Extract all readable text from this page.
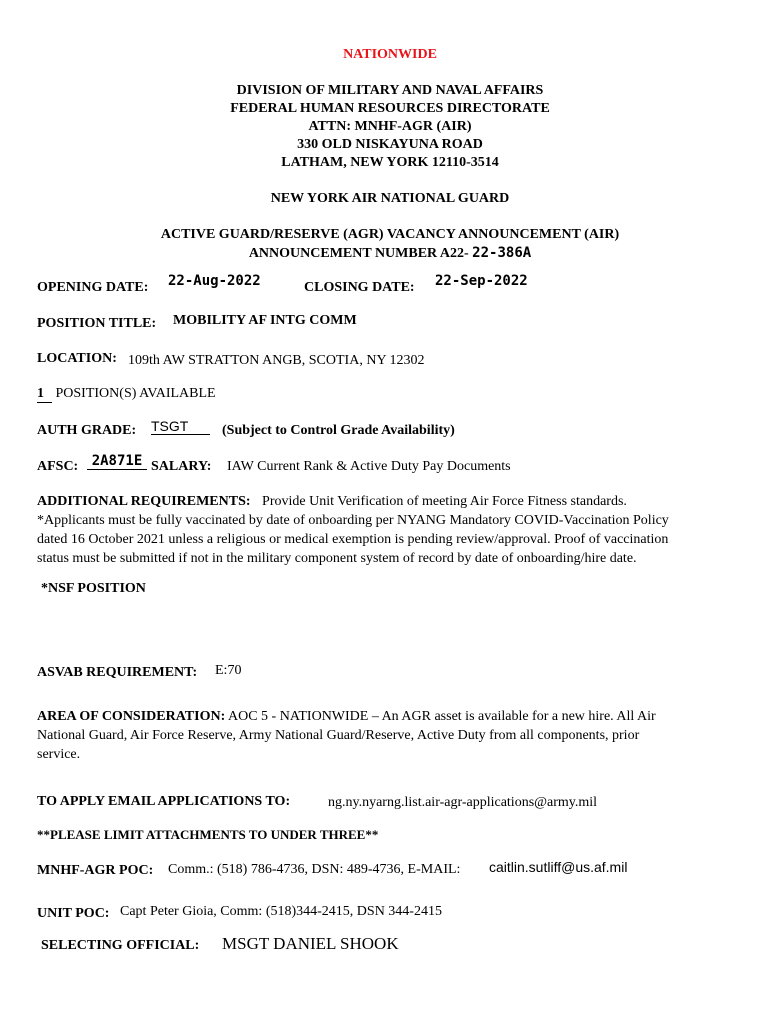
NATIONWIDE
DIVISION OF MILITARY AND NAVAL AFFAIRS
FEDERAL HUMAN RESOURCES DIRECTORATE
ATTN: MNHF-AGR (AIR)
330 OLD NISKAYUNA ROAD
LATHAM, NEW YORK 12110-3514
NEW YORK AIR NATIONAL GUARD
ACTIVE GUARD/RESERVE (AGR) VACANCY ANNOUNCEMENT (AIR)
ANNOUNCEMENT NUMBER A22- 22-386A
OPENING DATE: 22-Aug-2022	CLOSING DATE: 22-Sep-2022
POSITION TITLE: MOBILITY AF INTG COMM
LOCATION: 109th AW STRATTON ANGB, SCOTIA, NY 12302
1 POSITION(S) AVAILABLE
AUTH GRADE: TSGT	(Subject to Control Grade Availability)
AFSC: 2A871E SALARY: IAW Current Rank & Active Duty Pay Documents
ADDITIONAL REQUIREMENTS: Provide Unit Verification of meeting Air Force Fitness standards.
*Applicants must be fully vaccinated by date of onboarding per NYANG Mandatory COVID-Vaccination Policy
dated 16 October 2021 unless a religious or medical exemption is pending review/approval. Proof of vaccination
status must be submitted if not in the military component system of record by date of onboarding/hire date.
*NSF POSITION
ASVAB REQUIREMENT: E:70
AREA OF CONSIDERATION: AOC 5 - NATIONWIDE – An AGR asset is available for a new hire. All Air
National Guard, Air Force Reserve, Army National Guard/Reserve, Active Duty from all components, prior
service.
TO APPLY EMAIL APPLICATIONS TO:	ng.ny.nyarng.list.air-agr-applications@army.mil
**PLEASE LIMIT ATTACHMENTS TO UNDER THREE**
MNHF-AGR POC: Comm.: (518) 786-4736, DSN: 489-4736, E-MAIL: caitlin.sutliff@us.af.mil
UNIT POC: Capt Peter Gioia, Comm: (518)344-2415, DSN 344-2415
SELECTING OFFICIAL: MSGT DANIEL SHOOK
